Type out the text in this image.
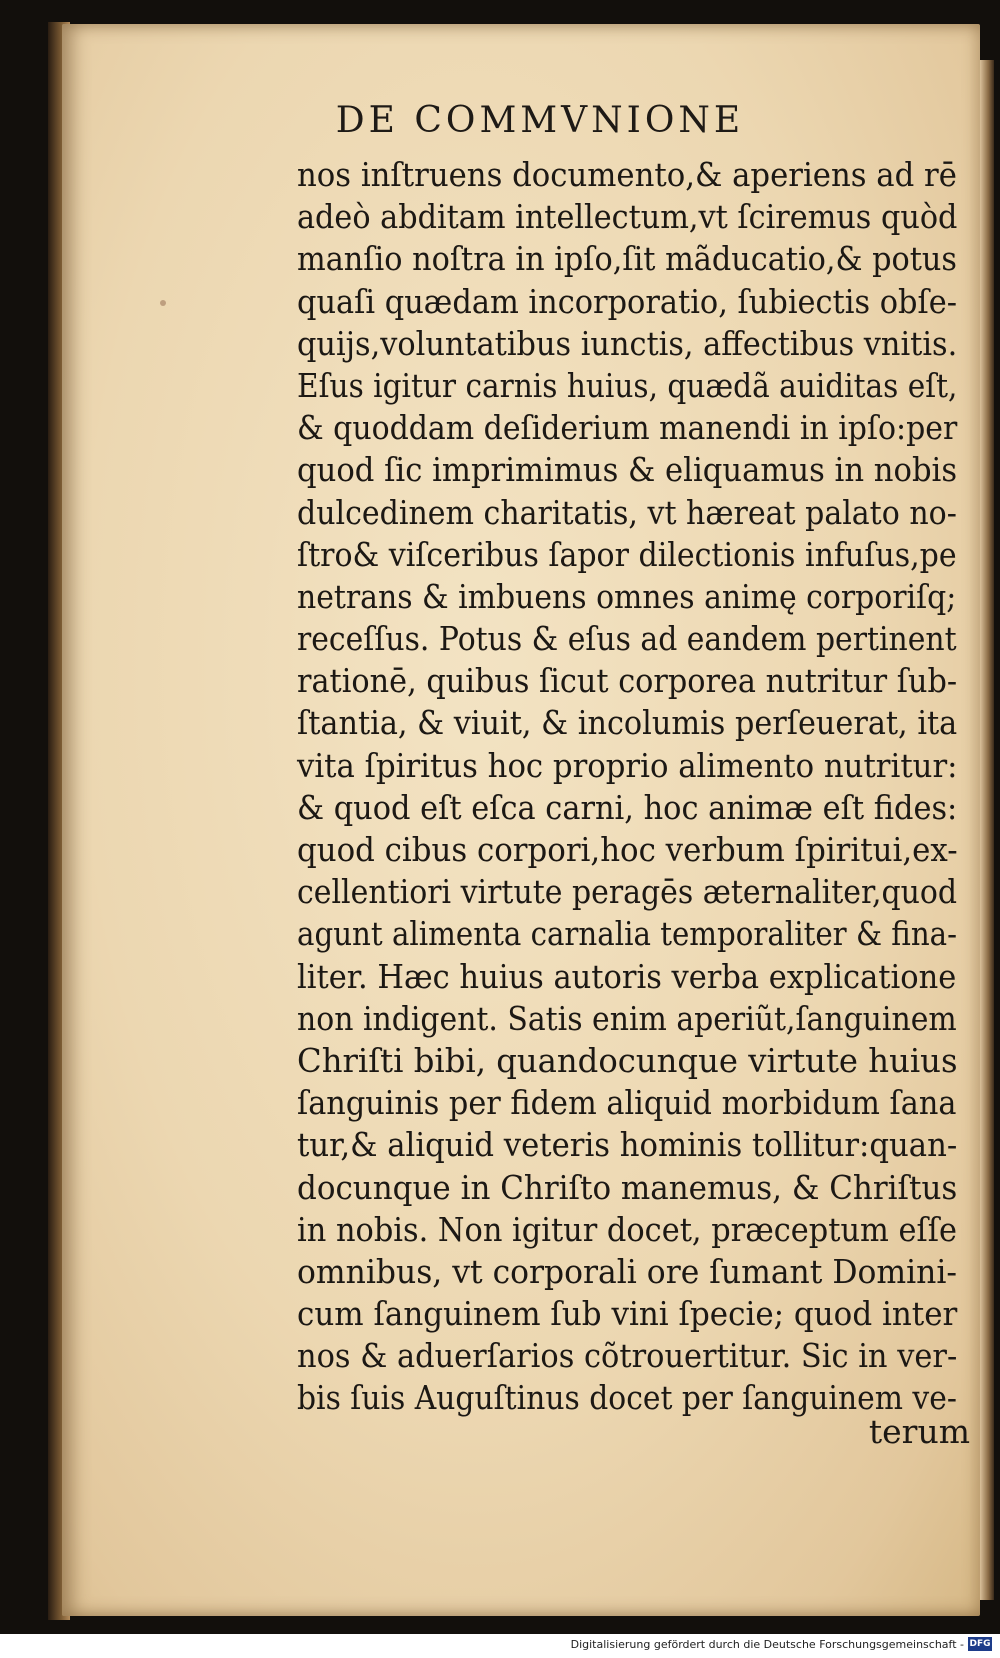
DE COMMVNIONE
nos inſtruens documento,& aperiens ad rē
adeò abditam intellectum,vt ſciremus quòd
manſio noſtra in ipſo,ſit mãducatio,& potus
quaſi quædam incorporatio, ſubiectis obſe-
quijs,voluntatibus iunctis, affectibus vnitis.
Eſus igitur carnis huius, quædã auiditas eſt,
& quoddam deſiderium manendi in ipſo:per
quod ſic imprimimus & eliquamus in nobis
dulcedinem charitatis, vt hæreat palato no-
ſtro& viſceribus ſapor dilectionis infuſus,pe
netrans & imbuens omnes animę corporiſq;
receſſus. Potus & eſus ad eandem pertinent
rationē, quibus ſicut corporea nutritur ſub-
ſtantia, & viuit, & incolumis perſeuerat, ita
vita ſpiritus hoc proprio alimento nutritur:
& quod eſt eſca carni, hoc animæ eſt fides:
quod cibus corpori,hoc verbum ſpiritui,ex-
cellentiori virtute peragēs æternaliter,quod
agunt alimenta carnalia temporaliter & fina-
liter. Hæc huius autoris verba explicatione
non indigent. Satis enim aperiũt,ſanguinem
Chriſti bibi, quandocunque virtute huius
ſanguinis per fidem aliquid morbidum ſana
tur,& aliquid veteris hominis tollitur:quan-
docunque in Chriſto manemus, & Chriſtus
in nobis. Non igitur docet, præceptum eſſe
omnibus, vt corporali ore ſumant Domini-
cum ſanguinem ſub vini ſpecie; quod inter
nos & aduerſarios cõtrouertitur. Sic in ver-
bis ſuis Auguſtinus docet per ſanguinem ve-
terum
Digitalisierung gefördert durch die Deutsche Forschungsgemeinschaft - DFG
